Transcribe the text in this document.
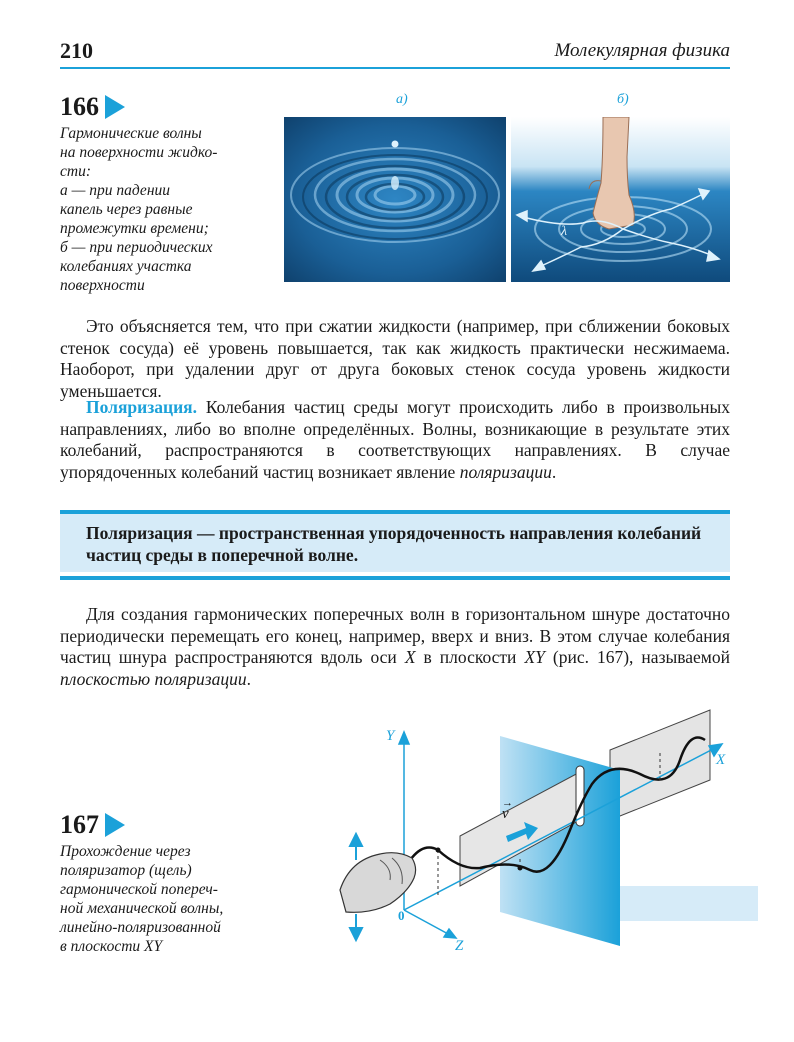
210	Молекулярная физика
166
Гармонические волны
на поверхности жидко-
сти:
а — при падении
капель через равные
промежутки времени;
б — при периодических
колебаниях участка
поверхности
а)	б)
λ
Это объясняется тем, что при сжатии жидкости (например, при сближении боковых стенок сосуда) её уровень повышается, так как жидкость практически несжимаема. Наоборот, при удалении друг от друга боковых стенок сосуда уровень жидкости уменьшается.
Поляризация. Колебания частиц среды могут происходить либо в произвольных направлениях, либо во вполне определённых. Волны, возникающие в результате этих колебаний, распространяются в соответствующих направлениях. В случае упорядоченных колебаний частиц возникает явление поляризации.
Поляризация — пространственная упорядоченность направления колебаний частиц среды в поперечной волне.
Для создания гармонических поперечных волн в горизонтальном шнуре достаточно периодически перемещать его конец, например, вверх и вниз. В этом случае колебания частиц шнура распространяются вдоль оси X в плоскости XY (рис. 167), называемой плоскостью поляризации.
167
Прохождение через
поляризатор (щель)
гармонической попереч-
ной механической волны,
линейно-поляризованной
в плоскости XY
Y
X
Z
0
v
→
